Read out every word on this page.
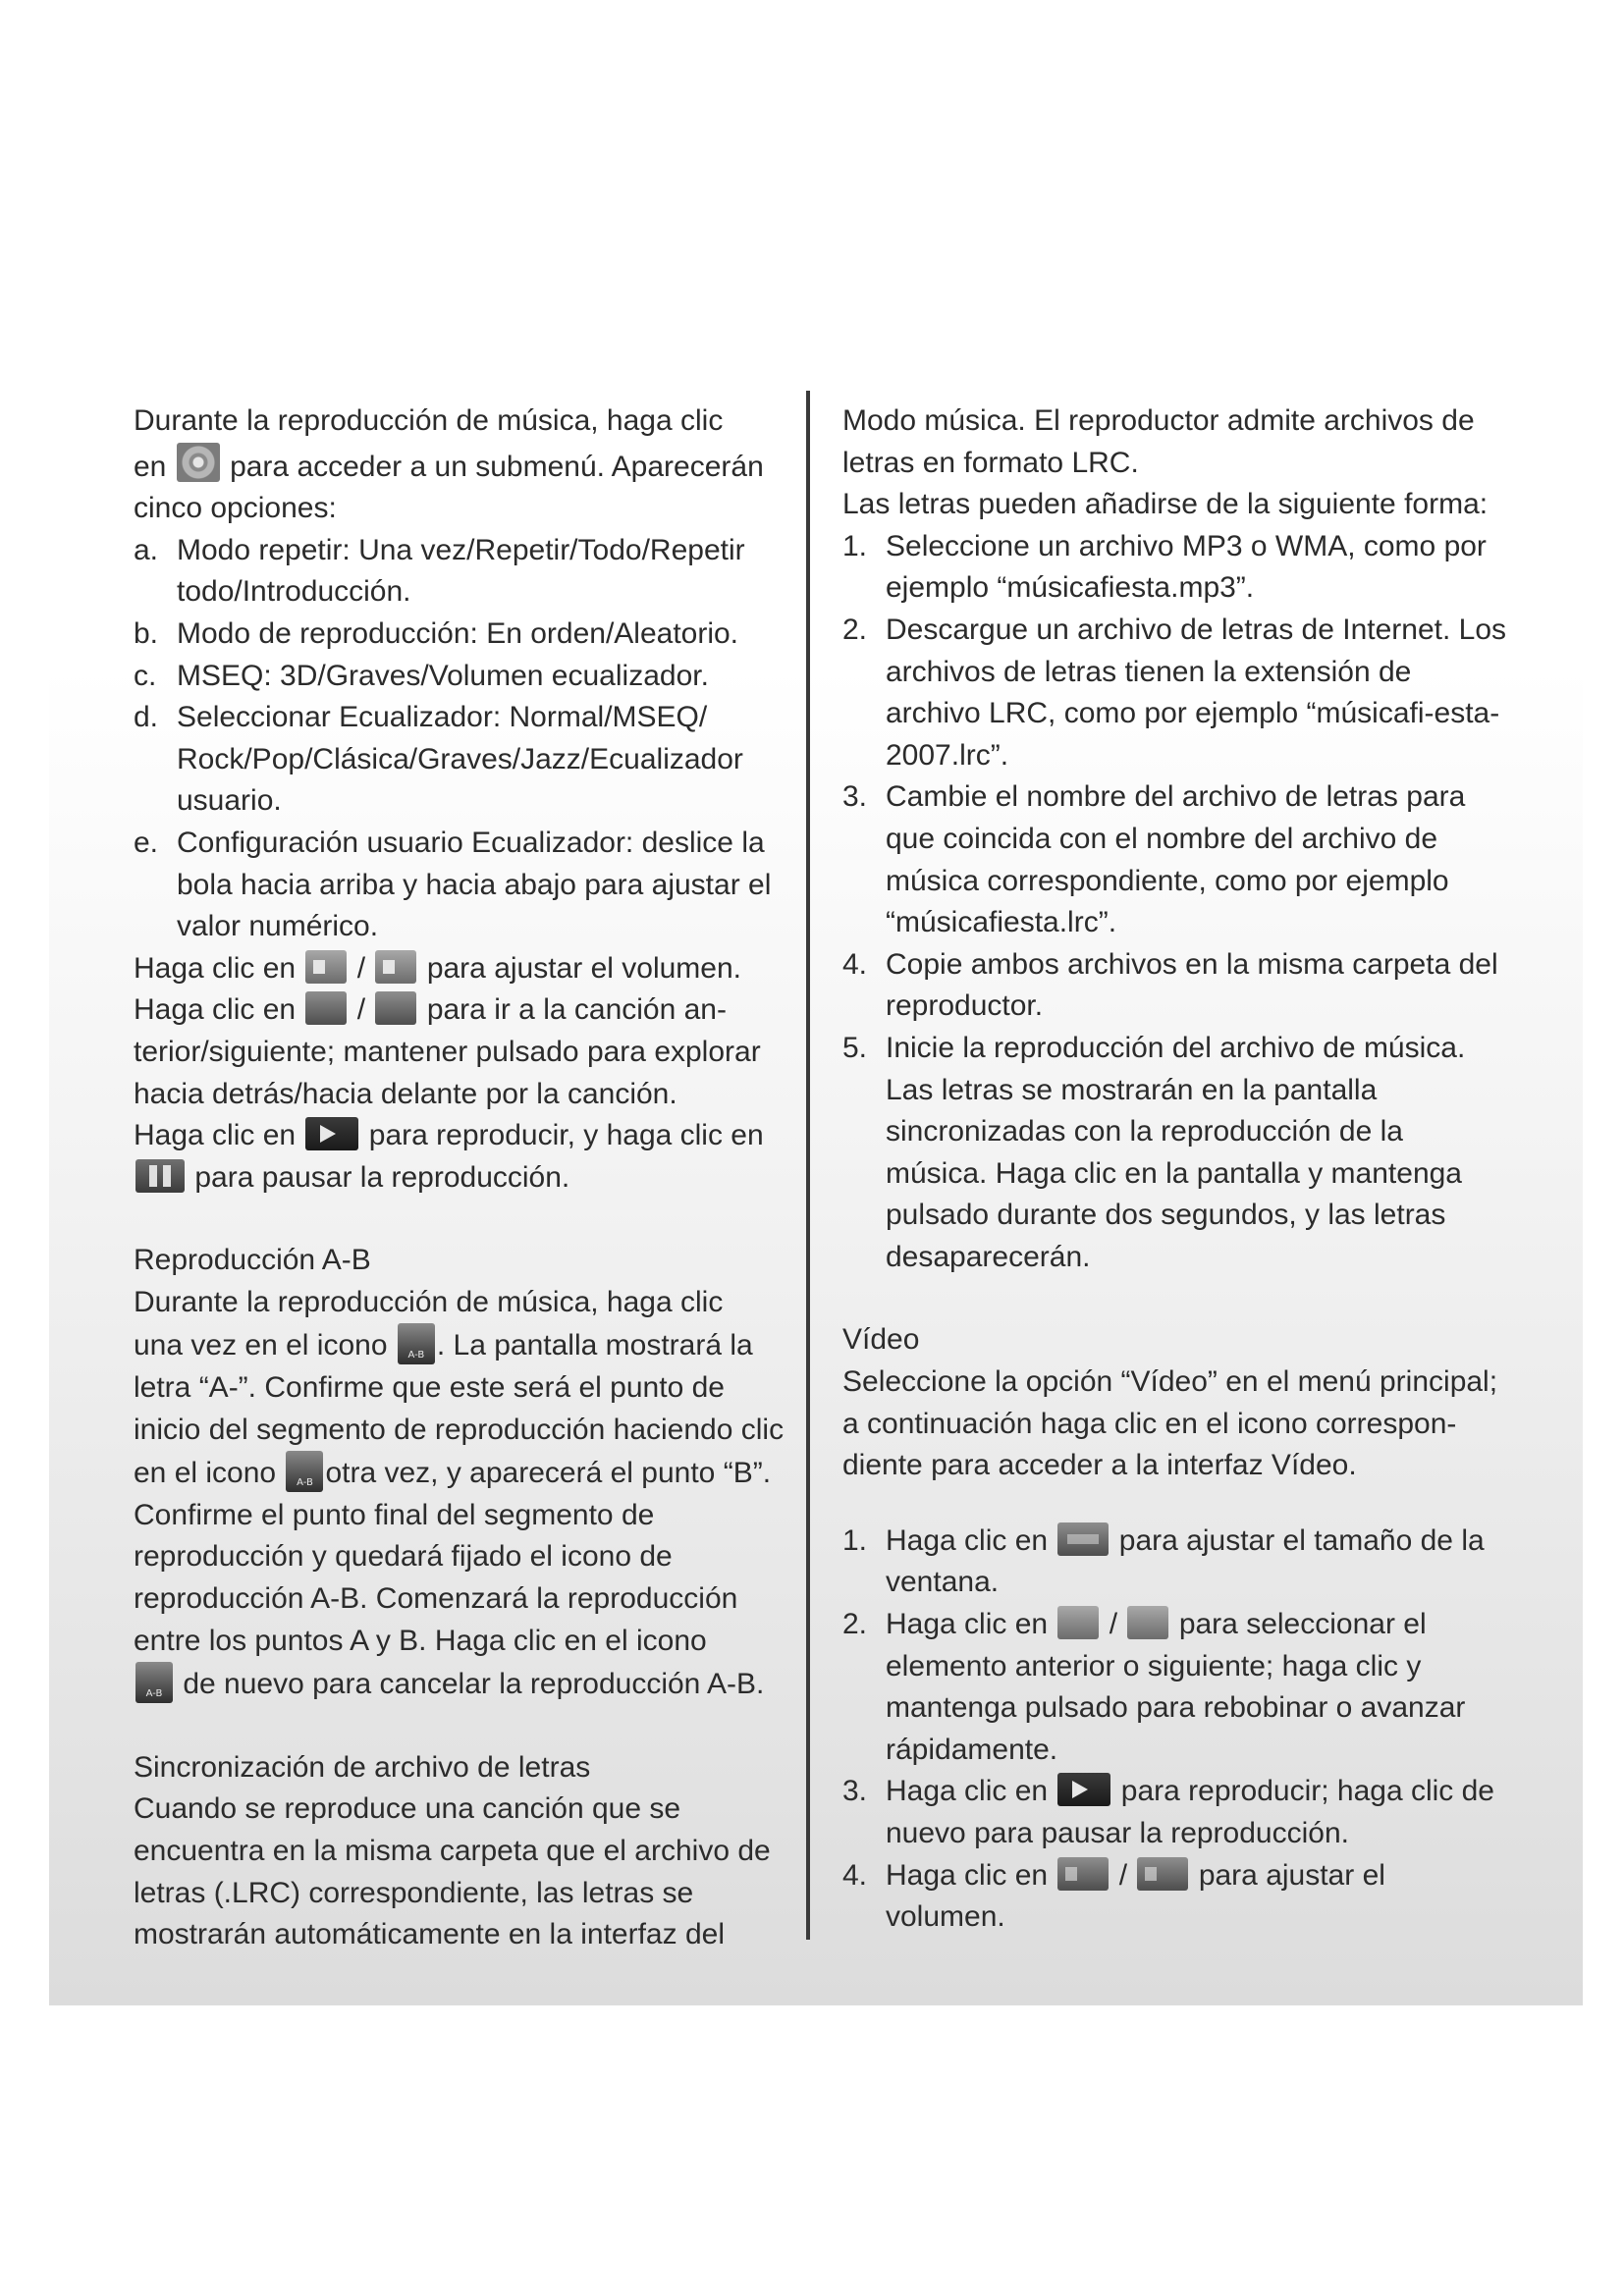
Durante la reproducción de música, haga clic
en para acceder a un submenú. Aparecerán
cinco opciones:

a. Modo repetir: Una vez/Repetir/Todo/Repetir todo/Introducción.
b. Modo de reproducción: En orden/Aleatorio.
c. MSEQ: 3D/Graves/Volumen ecualizador.
d. Seleccionar Ecualizador: Normal/MSEQ/ Rock/Pop/Clásica/Graves/Jazz/Ecualizador usuario.
e. Configuración usuario Ecualizador: deslice la bola hacia arriba y hacia abajo para ajustar el valor numérico.

Haga clic en / para ajustar el volumen.

Haga clic en / para ir a la canción an-
terior/siguiente; mantener pulsado para explorar hacia detrás/hacia delante por la canción.

Haga clic en para reproducir, y haga clic en
para pausar la reproducción.

Reproducción A-B

Durante la reproducción de música, haga clic
una vez en el icono A-B . La pantalla mostrará la letra “A-”. Confirme que este será el punto de inicio del segmento de reproducción haciendo clic en el icono A-B otra vez, y aparecerá el punto “B”. Confirme el punto final del segmento de reproducción y quedará fijado el icono de reproducción A-B. Comenzará la reproducción entre los puntos A y B. Haga clic en el icono
A-B de nuevo para cancelar la reproducción A-B.

Sincronización de archivo de letras

Cuando se reproduce una canción que se encuentra en la misma carpeta que el archivo de letras (.LRC) correspondiente, las letras se mostrarán automáticamente en la interfaz del

Modo música. El reproductor admite archivos de letras en formato LRC.

Las letras pueden añadirse de la siguiente forma:

1. Seleccione un archivo MP3 o WMA, como por ejemplo “músicafiesta.mp3”.
2. Descargue un archivo de letras de Internet. Los archivos de letras tienen la extensión de archivo LRC, como por ejemplo “músicafi-esta-2007.lrc”.
3. Cambie el nombre del archivo de letras para que coincida con el nombre del archivo de música correspondiente, como por ejemplo “músicafiesta.lrc”.
4. Copie ambos archivos en la misma carpeta del reproductor.
5. Inicie la reproducción del archivo de música. Las letras se mostrarán en la pantalla sincronizadas con la reproducción de la música. Haga clic en la pantalla y mantenga pulsado durante dos segundos, y las letras desaparecerán.
Vídeo

Seleccione la opción “Vídeo” en el menú principal; a continuación haga clic en el icono correspon-diente para acceder a la interfaz Vídeo.

1. Haga clic en para ajustar el tamaño de la ventana.
2. Haga clic en / para seleccionar el elemento anterior o siguiente; haga clic y mantenga pulsado para rebobinar o avanzar rápidamente.
3. Haga clic en para reproducir; haga clic de nuevo para pausar la reproducción.
4. Haga clic en / para ajustar el volumen.
